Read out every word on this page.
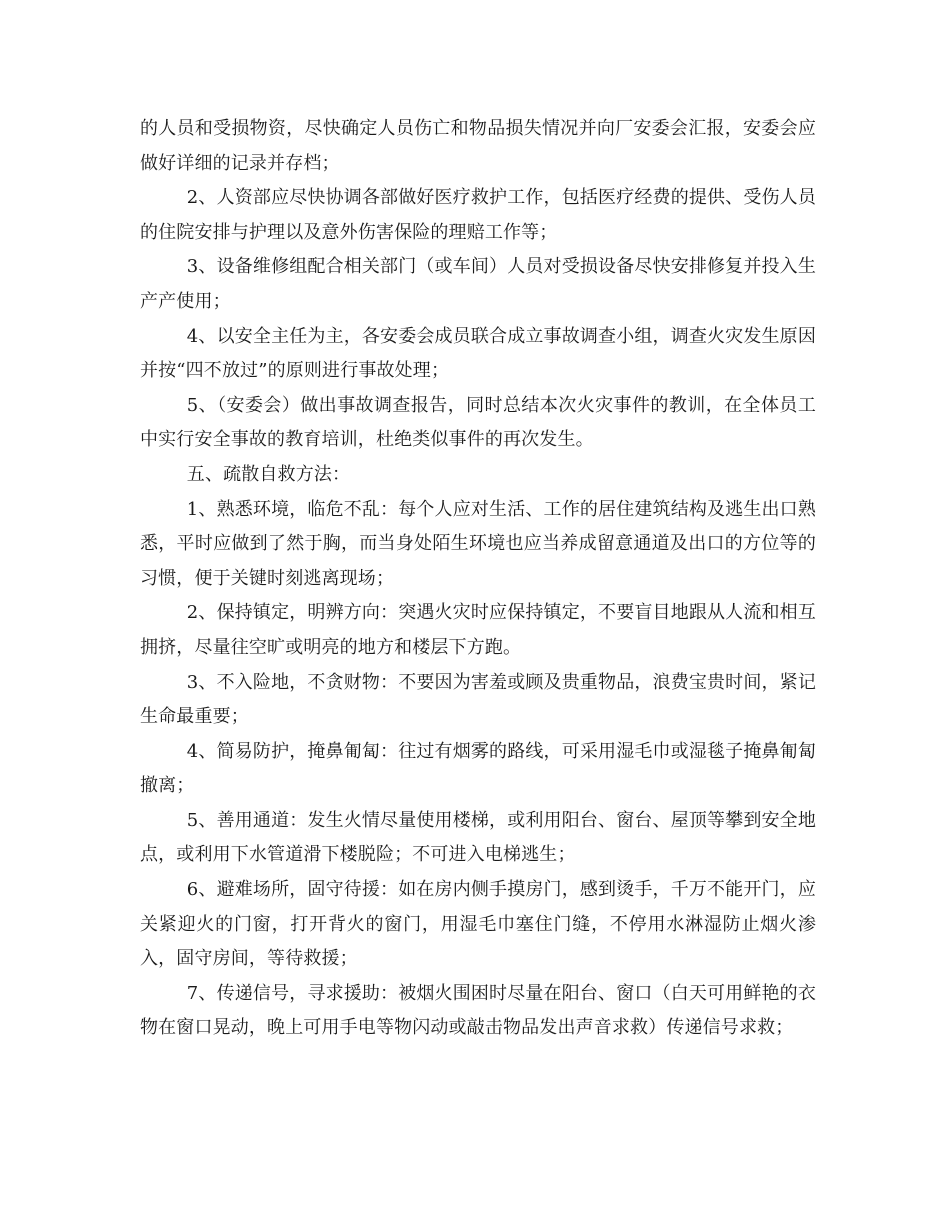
的人员和受损物资，尽快确定人员伤亡和物品损失情况并向厂安委会汇报，安委会应做好详细的记录并存档；

2、人资部应尽快协调各部做好医疗救护工作，包括医疗经费的提供、受伤人员的住院安排与护理以及意外伤害保险的理赔工作等；

3、设备维修组配合相关部门（或车间）人员对受损设备尽快安排修复并投入生产产使用；

4、以安全主任为主，各安委会成员联合成立事故调查小组，调查火灾发生原因并按“四不放过”的原则进行事故处理；

5、（安委会）做出事故调查报告，同时总结本次火灾事件的教训，在全体员工中实行安全事故的教育培训，杜绝类似事件的再次发生。

五、疏散自救方法：

1、熟悉环境，临危不乱：每个人应对生活、工作的居住建筑结构及逃生出口熟悉，平时应做到了然于胸，而当身处陌生环境也应当养成留意通道及出口的方位等的习惯，便于关键时刻逃离现场；

2、保持镇定，明辨方向：突遇火灾时应保持镇定，不要盲目地跟从人流和相互拥挤，尽量往空旷或明亮的地方和楼层下方跑。

3、不入险地，不贪财物：不要因为害羞或顾及贵重物品，浪费宝贵时间，紧记生命最重要；

4、简易防护，掩鼻匍匐：往过有烟雾的路线，可采用湿毛巾或湿毯子掩鼻匍匐撤离；

5、善用通道：发生火情尽量使用楼梯，或利用阳台、窗台、屋顶等攀到安全地点，或利用下水管道滑下楼脱险；不可进入电梯逃生；

6、避难场所，固守待援：如在房内侧手摸房门，感到烫手，千万不能开门，应关紧迎火的门窗，打开背火的窗门，用湿毛巾塞住门缝，不停用水淋湿防止烟火渗入，固守房间，等待救援；

7、传递信号，寻求援助：被烟火围困时尽量在阳台、窗口（白天可用鲜艳的衣物在窗口晃动，晚上可用手电等物闪动或敲击物品发出声音求救）传递信号求救；
